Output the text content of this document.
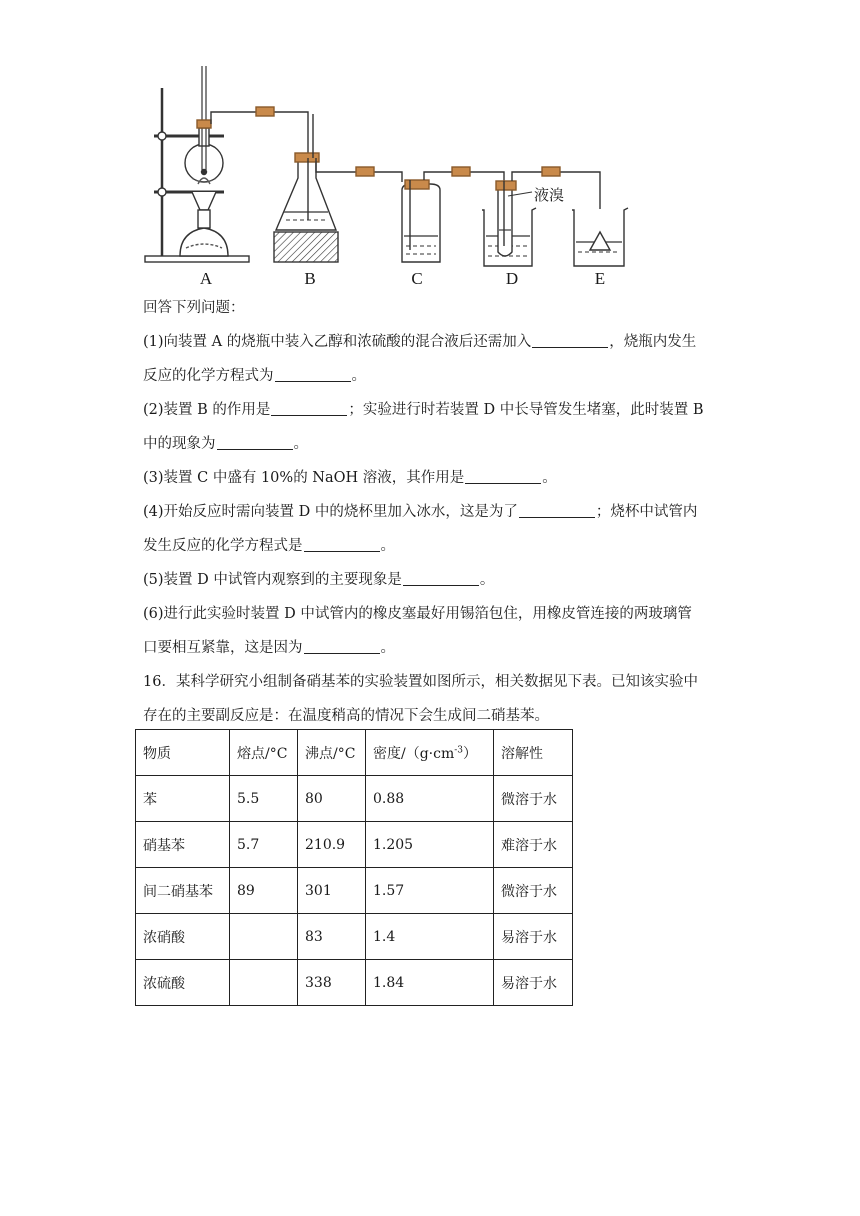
液溴
A	B	C	D	E
回答下列问题：
(1)向装置 A 的烧瓶中装入乙醇和浓硫酸的混合液后还需加入	，烧瓶内发生
反应的化学方程式为	。
(2)装置 B 的作用是	；实验进行时若装置 D 中长导管发生堵塞，此时装置 B
中的现象为	。
(3)装置 C 中盛有 10%的 NaOH 溶液，其作用是	。
(4)开始反应时需向装置 D 中的烧杯里加入冰水，这是为了	；烧杯中试管内
发生反应的化学方程式是	。
(5)装置 D 中试管内观察到的主要现象是	。
(6)进行此实验时装置 D 中试管内的橡皮塞最好用锡箔包住，用橡皮管连接的两玻璃管
口要相互紧靠，这是因为	。
16．某科学研究小组制备硝基苯的实验装置如图所示，相关数据见下表。已知该实验中
存在的主要副反应是：在温度稍高的情况下会生成间二硝基苯。
物质	熔点/°C	沸点/°C	密度$/(g\cdot cm^{-3})$	溶解性
苯	5.5	80	0.88	微溶于水
硝基苯	5.7	210.9	1.205	难溶于水
间二硝基苯	89	301	1.57	微溶于水
浓硝酸		83	1.4	易溶于水
浓硫酸		338	1.84	易溶于水
